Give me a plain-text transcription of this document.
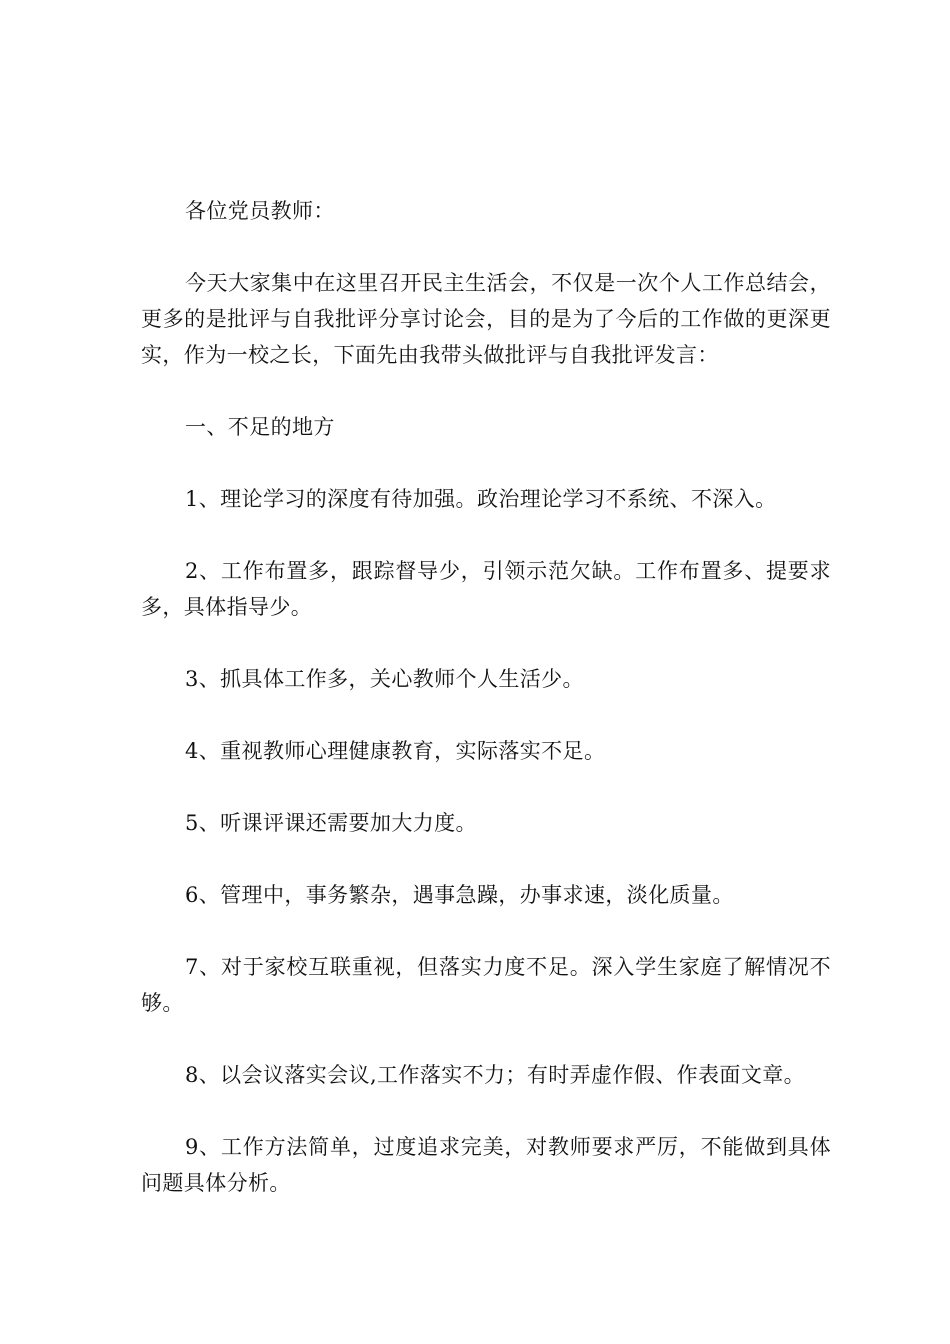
各位党员教师：

今天大家集中在这里召开民主生活会，不仅是一次个人工作总结会，更多的是批评与自我批评分享讨论会，目的是为了今后的工作做的更深更实，作为一校之长，下面先由我带头做批评与自我批评发言：

一、不足的地方

1、理论学习的深度有待加强。政治理论学习不系统、不深入。

2、工作布置多，跟踪督导少，引领示范欠缺。工作布置多、提要求多，具体指导少。

3、抓具体工作多，关心教师个人生活少。

4、重视教师心理健康教育，实际落实不足。

5、听课评课还需要加大力度。

6、管理中，事务繁杂，遇事急躁，办事求速，淡化质量。

7、对于家校互联重视，但落实力度不足。深入学生家庭了解情况不够。

8、以会议落实会议,工作落实不力；有时弄虚作假、作表面文章。

9、工作方法简单，过度追求完美，对教师要求严厉，不能做到具体问题具体分析。
